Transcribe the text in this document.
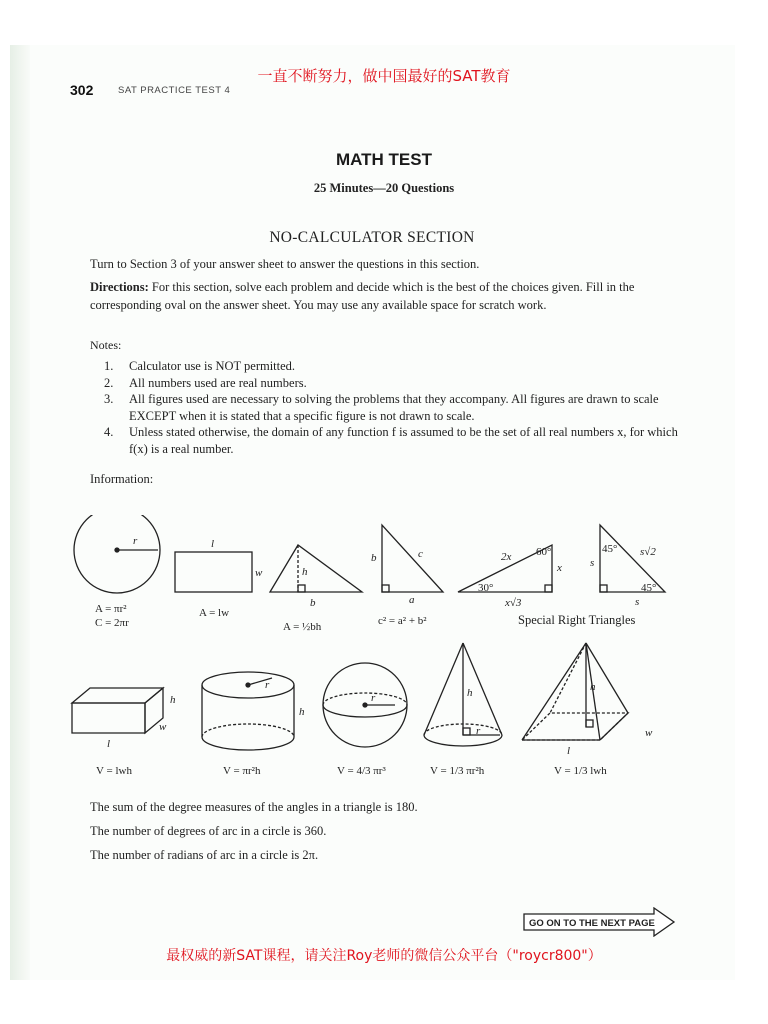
一直不断努力，做中国最好的SAT教育
302	SAT PRACTICE TEST 4
MATH TEST
25 Minutes—20 Questions
NO-CALCULATOR SECTION
Turn to Section 3 of your answer sheet to answer the questions in this section.
Directions: For this section, solve each problem and decide which is the best of the choices given. Fill in the corresponding oval on the answer sheet. You may use any available space for scratch work.
Notes:
1. Calculator use is NOT permitted.
2. All numbers used are real numbers.
3. All figures used are necessary to solving the problems that they accompany. All figures are drawn to scale EXCEPT when it is stated that a specific figure is not drawn to scale.
4. Unless stated otherwise, the domain of any function f is assumed to be the set of all real numbers x, for which f(x) is a real number.
Information:
r
A = πr²
C = 2πr
l
w
A = lw
h
b
A = ½bh
b	c
a
c² = a² + b²
2x 60°
30°
x
x√3
45°
45°
s√2
s
s
Special Right Triangles
l
w
h
V = lwh
r
h
V = πr²h
r
V = 4/3 πr³
h
r
V = 1/3 πr²h
h
l
w
V = 1/3 lwh
The sum of the degree measures of the angles in a triangle is 180.
The number of degrees of arc in a circle is 360.
The number of radians of arc in a circle is 2π.
GO ON TO THE NEXT PAGE
最权威的新SAT课程，请关注Roy老师的微信公众平台（"roycr800"）
